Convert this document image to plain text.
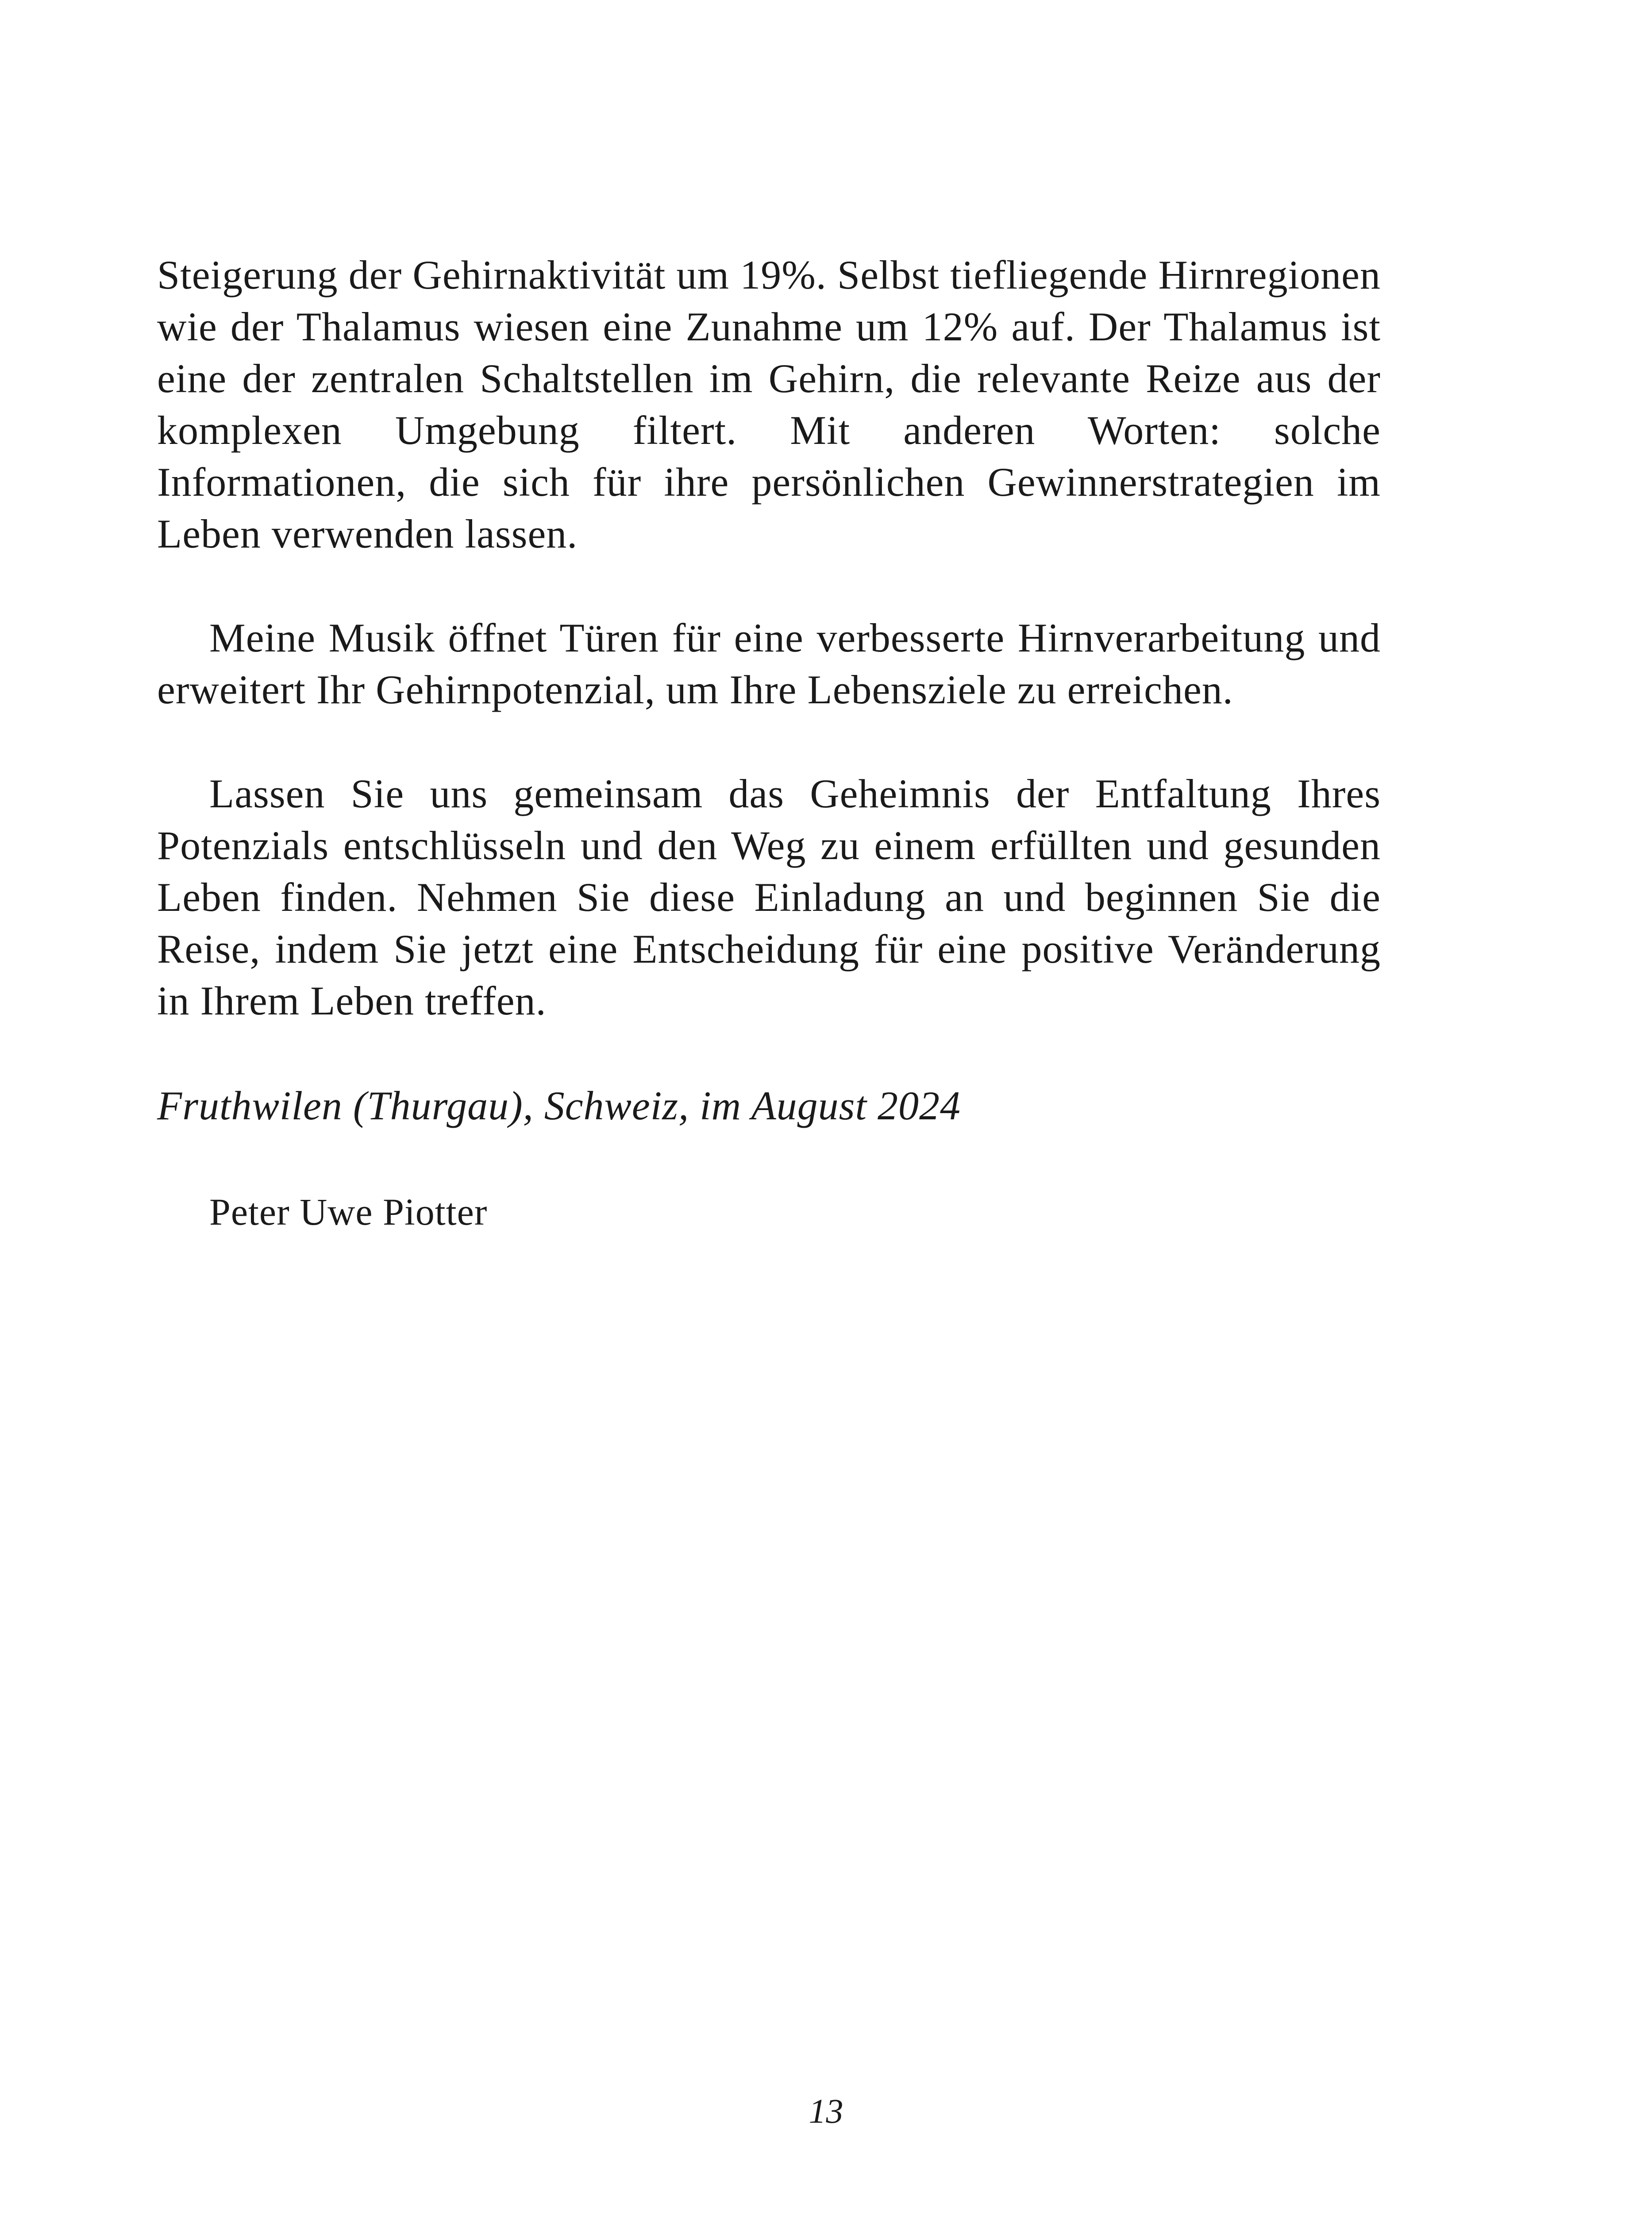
Steigerung der Gehirnaktivität um 19%. Selbst tiefliegende Hirnregionen wie der Thalamus wiesen eine Zunahme um 12% auf. Der Thalamus ist eine der zentralen Schaltstellen im Gehirn, die relevante Reize aus der komplexen Umgebung filtert. Mit anderen Worten: solche Informationen, die sich für ihre persönlichen Gewinnerstrategien im Leben verwenden lassen.

Meine Musik öffnet Türen für eine verbesserte Hirnverarbeitung und erweitert Ihr Gehirnpotenzial, um Ihre Lebensziele zu erreichen.

Lassen Sie uns gemeinsam das Geheimnis der Entfaltung Ihres Potenzials entschlüsseln und den Weg zu einem erfüllten und gesunden Leben finden. Nehmen Sie diese Einladung an und beginnen Sie die Reise, indem Sie jetzt eine Entscheidung für eine positive Veränderung in Ihrem Leben treffen.

Fruthwilen (Thurgau), Schweiz, im August 2024
Peter Uwe Piotter
13
